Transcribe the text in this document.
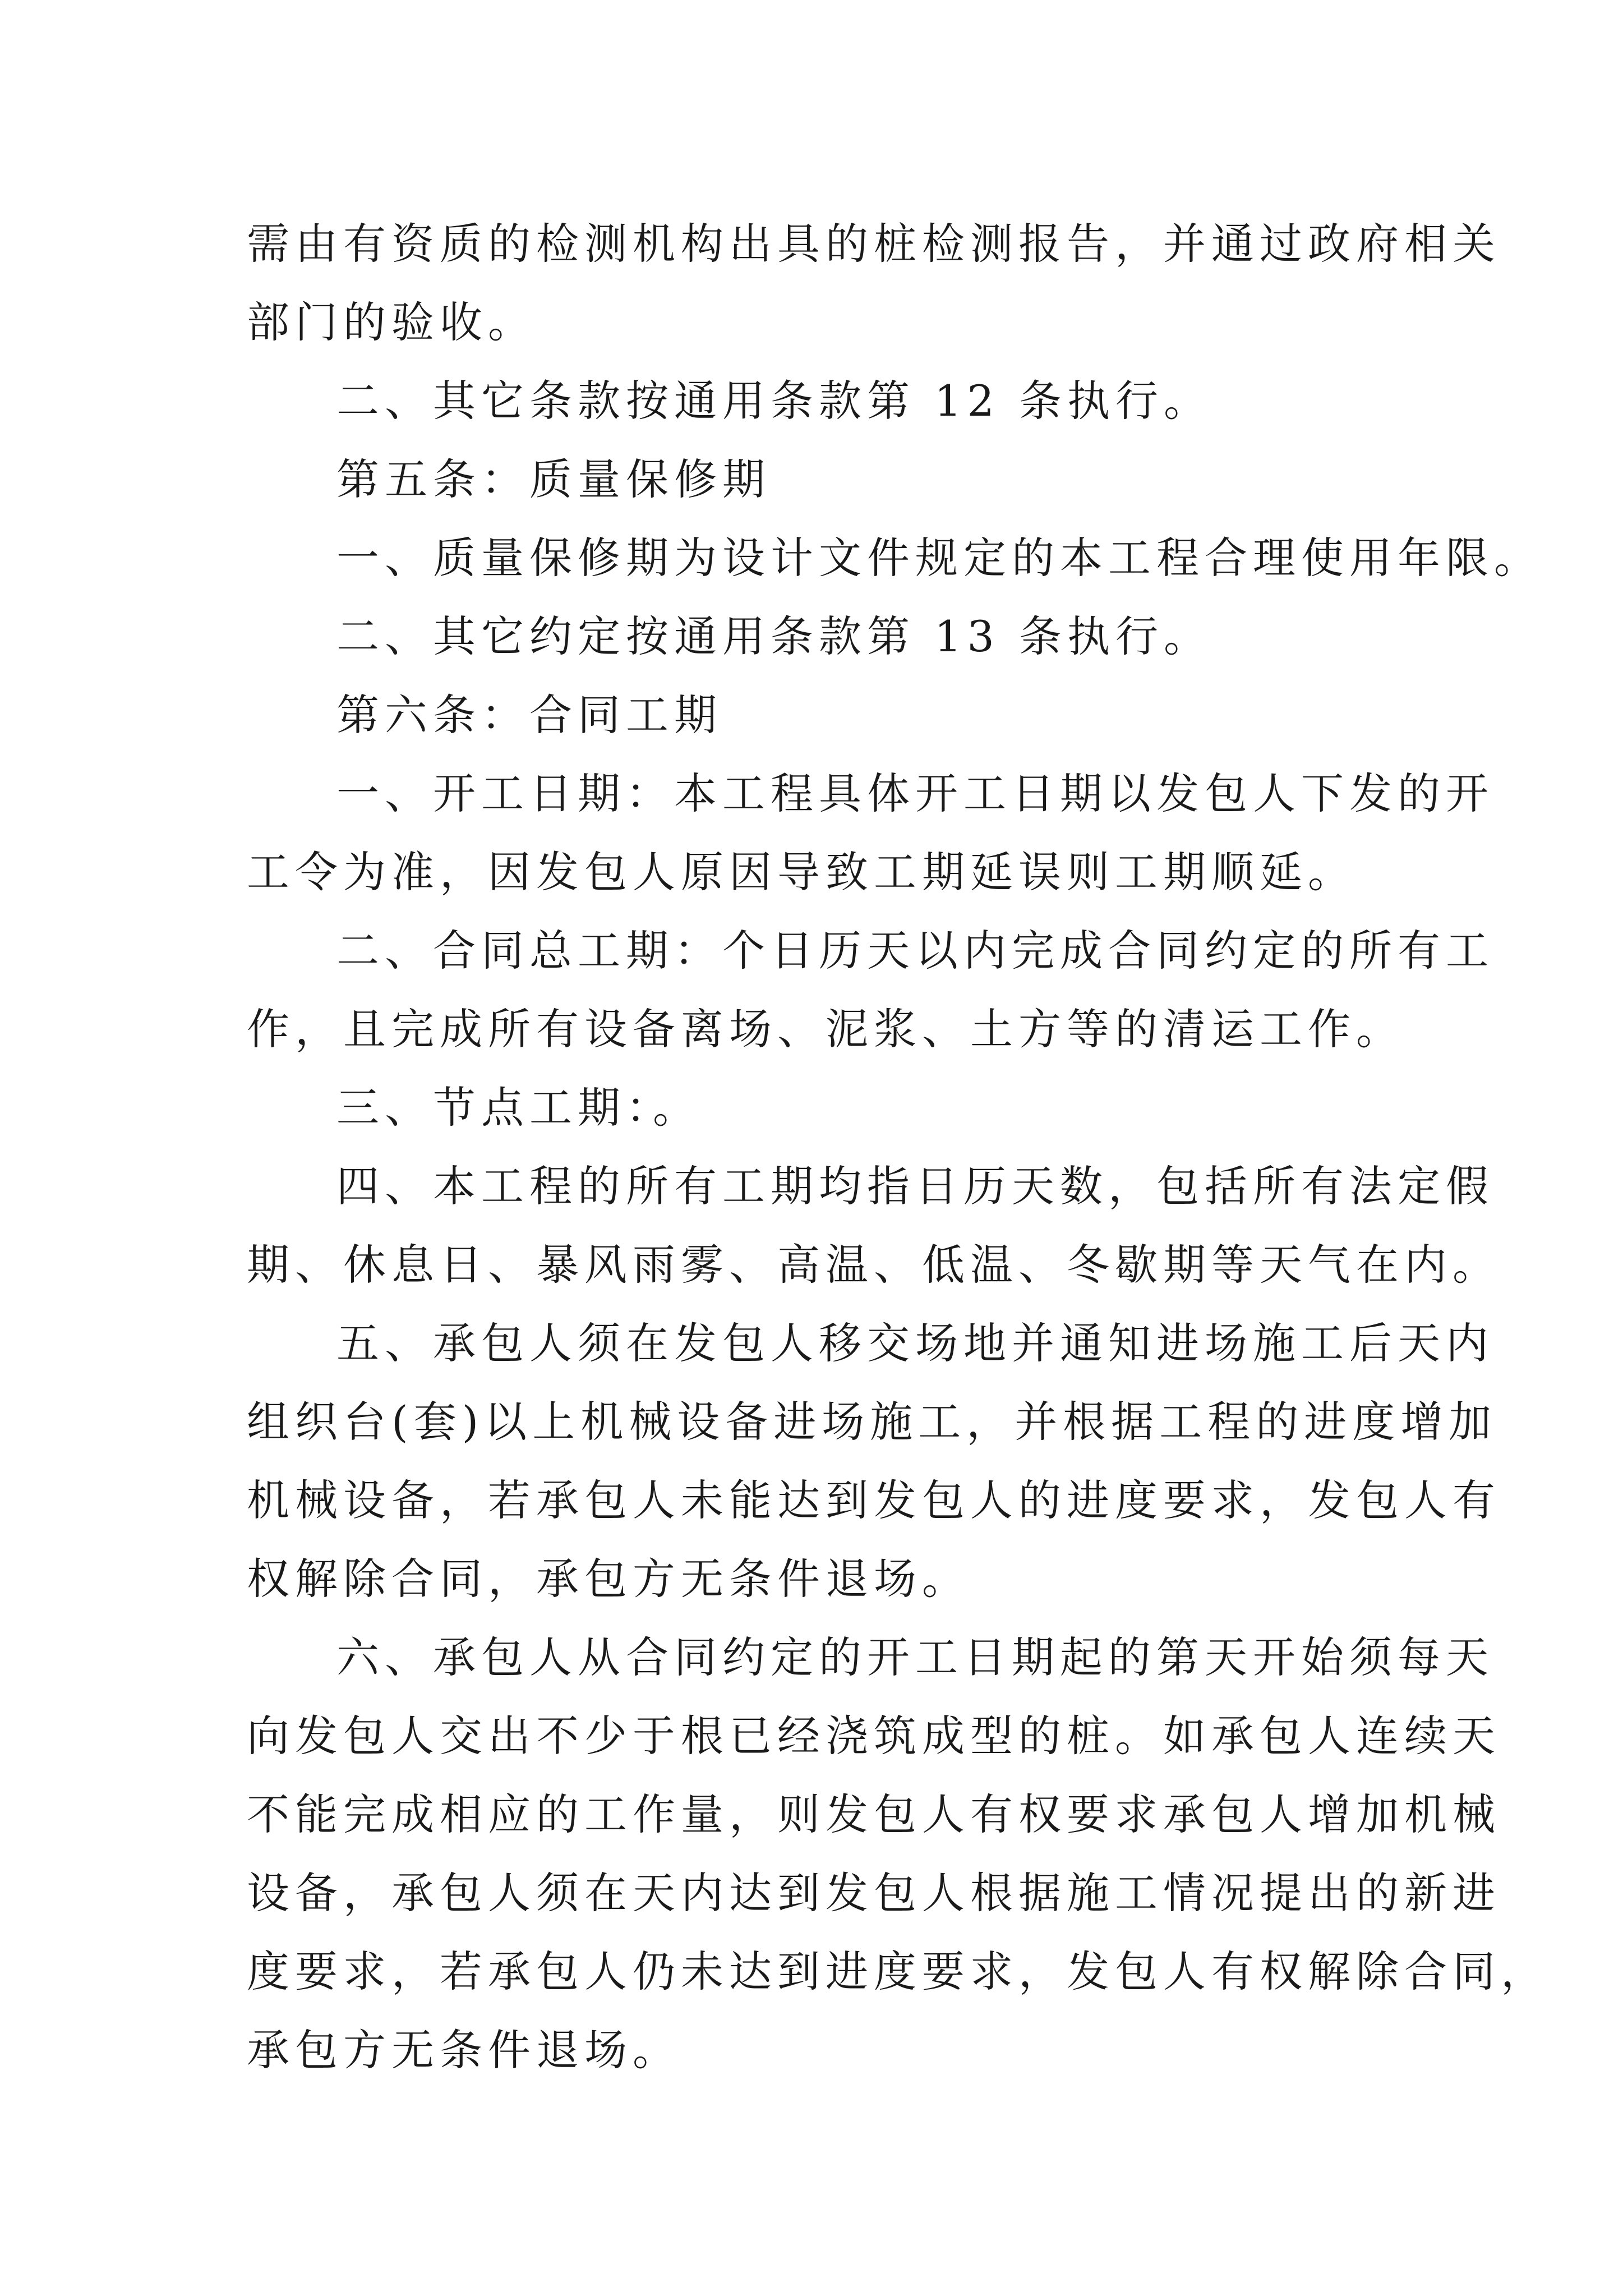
需由有资质的检测机构出具的桩检测报告，并通过政府相关
部门的验收。
二、其它条款按通用条款第 12 条执行。
第五条：质量保修期
一、质量保修期为设计文件规定的本工程合理使用年限。
二、其它约定按通用条款第 13 条执行。
第六条：合同工期
一、开工日期：本工程具体开工日期以发包人下发的开
工令为准，因发包人原因导致工期延误则工期顺延。
二、合同总工期：个日历天以内完成合同约定的所有工
作，且完成所有设备离场、泥浆、土方等的清运工作。
三、节点工期：。
四、本工程的所有工期均指日历天数，包括所有法定假
期、休息日、暴风雨雾、高温、低温、冬歇期等天气在内。
五、承包人须在发包人移交场地并通知进场施工后天内
组织台(套)以上机械设备进场施工，并根据工程的进度增加
机械设备，若承包人未能达到发包人的进度要求，发包人有
权解除合同，承包方无条件退场。
六、承包人从合同约定的开工日期起的第天开始须每天
向发包人交出不少于根已经浇筑成型的桩。如承包人连续天
不能完成相应的工作量，则发包人有权要求承包人增加机械
设备，承包人须在天内达到发包人根据施工情况提出的新进
度要求，若承包人仍未达到进度要求，发包人有权解除合同，
承包方无条件退场。
